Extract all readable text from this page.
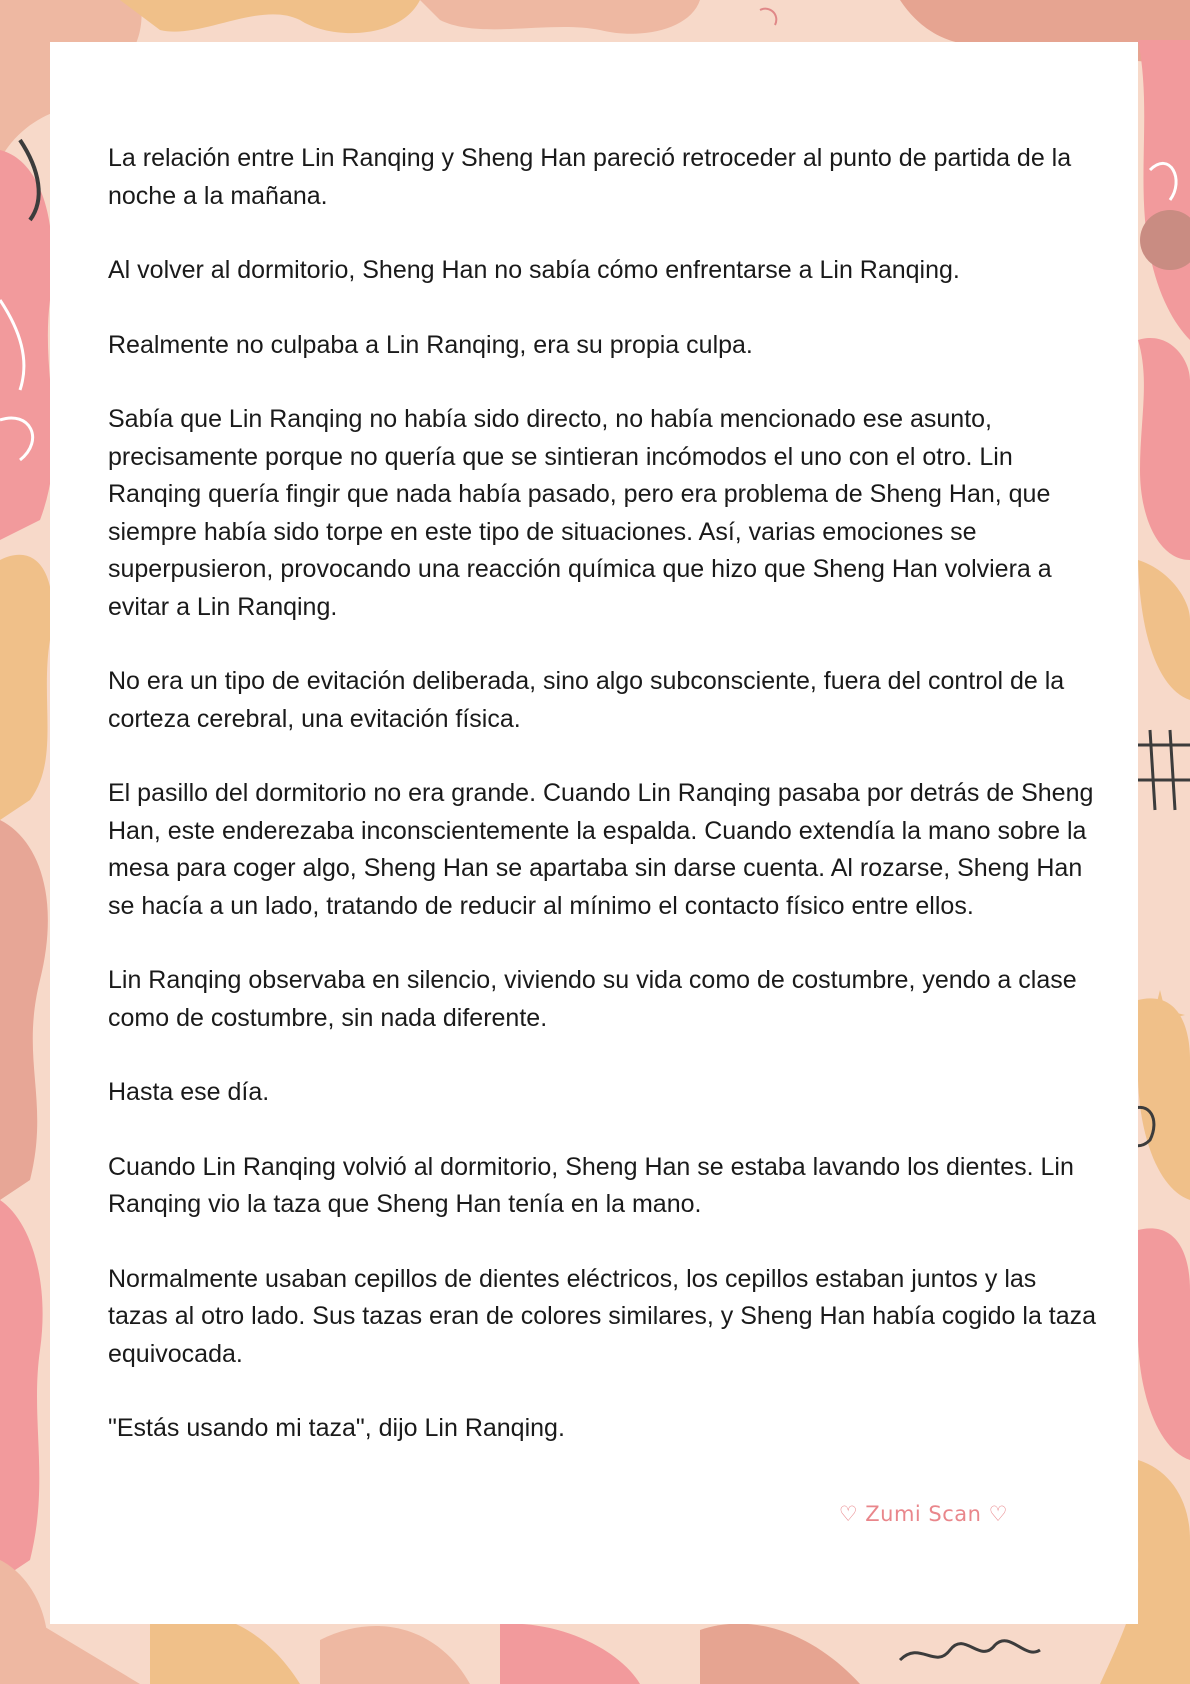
La relación entre Lin Ranqing y Sheng Han pareció retroceder al punto de partida de la noche a la mañana.

Al volver al dormitorio, Sheng Han no sabía cómo enfrentarse a Lin Ranqing.

Realmente no culpaba a Lin Ranqing, era su propia culpa.

Sabía que Lin Ranqing no había sido directo, no había mencionado ese asunto, precisamente porque no quería que se sintieran incómodos el uno con el otro. Lin Ranqing quería fingir que nada había pasado, pero era problema de Sheng Han, que siempre había sido torpe en este tipo de situaciones. Así, varias emociones se superpusieron, provocando una reacción química que hizo que Sheng Han volviera a evitar a Lin Ranqing.

No era un tipo de evitación deliberada, sino algo subconsciente, fuera del control de la corteza cerebral, una evitación física.

El pasillo del dormitorio no era grande. Cuando Lin Ranqing pasaba por detrás de Sheng Han, este enderezaba inconscientemente la espalda. Cuando extendía la mano sobre la mesa para coger algo, Sheng Han se apartaba sin darse cuenta. Al rozarse, Sheng Han se hacía a un lado, tratando de reducir al mínimo el contacto físico entre ellos.

Lin Ranqing observaba en silencio, viviendo su vida como de costumbre, yendo a clase como de costumbre, sin nada diferente.

Hasta ese día.

Cuando Lin Ranqing volvió al dormitorio, Sheng Han se estaba lavando los dientes. Lin Ranqing vio la taza que Sheng Han tenía en la mano.

Normalmente usaban cepillos de dientes eléctricos, los cepillos estaban juntos y las tazas al otro lado. Sus tazas eran de colores similares, y Sheng Han había cogido la taza equivocada.

"Estás usando mi taza", dijo Lin Ranqing.

♡ Zumi Scan ♡
